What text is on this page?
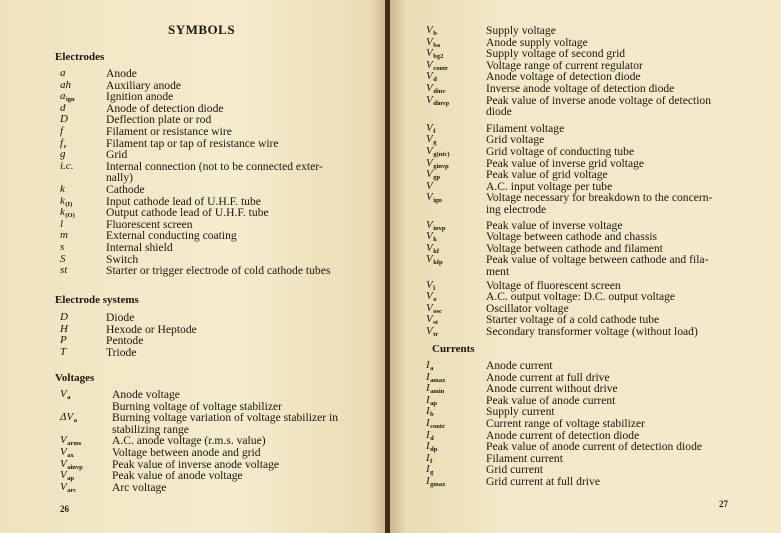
SYMBOLS
Electrodes
a	Anode
ah	Auxiliary anode
$a_{ign}$	Ignition anode
d	Anode of detection diode
D	Deflection plate or rod
f	Filament or resistance wire
$f_c$	Filament tap or tap of resistance wire
g	Grid
i.c.	Internal connection (not to be connected exter-
nally)
k	Cathode
$k_{(I)}$	Input cathode lead of U.H.F. tube
$k_{(O)}$	Output cathode lead of U.H.F. tube
l	Fluorescent screen
m	External conducting coating
s	Internal shield
S	Switch
st	Starter or trigger electrode of cold cathode tubes
Electrode systems
D	Diode
H	Hexode or Heptode
P	Pentode
T	Triode
Voltages
$V_a$	Anode voltage
Burning voltage of voltage stabilizer
$\Delta V_a$	Burning voltage variation of voltage stabilizer in
stabilizing range
$V_{arms}$	A.C. anode voltage (r.m.s. value)
$V_{ax}$	Voltage between anode and grid
$V_{ainvp}$	Peak value of inverse anode voltage
$V_{ap}$	Peak value of anode voltage
$V_{arc}$	Arc voltage
26
$V_b$	Supply voltage
$V_{ba}$	Anode supply voltage
$V_{bg2}$	Supply voltage of second grid
$V_{contr}$	Voltage range of current regulator
$V_d$	Anode voltage of detection diode
$V_{dinv}$	Inverse anode voltage of detection diode
$V_{dinvp}$	Peak value of inverse anode voltage of detection
diode
$V_f$	Filament voltage
$V_g$	Grid voltage
$V_{g(ntc)}$	Grid voltage of conducting tube
$V_{ginvp}$	Peak value of inverse grid voltage
$V_{gp}$	Peak value of grid voltage
V	A.C. input voltage per tube
$V_{ign}$	Voltage necessary for breakdown to the concern-
ing electrode
$V_{invp}$	Peak value of inverse voltage
$V_k$	Voltage between cathode and chassis
$V_{kf}$	Voltage between cathode and filament
$V_{kfp}$	Peak value of voltage between cathode and fila-
ment
$V_l$	Voltage of fluorescent screen
$V_o$	A.C. output voltage: D.C. output voltage
$V_{osc}$	Oscillator voltage
$V_{st}$	Starter voltage of a cold cathode tube
$V_{tr}$	Secondary transformer voltage (without load)
Currents
$I_a$	Anode current
$I_{amax}$	Anode current at full drive
$I_{amin}$	Anode current without drive
$I_{ap}$	Peak value of anode current
$I_b$	Supply current
$I_{contr}$	Current range of voltage stabilizer
$I_d$	Anode current of detection diode
$I_{dp}$	Peak value of anode current of detection diode
$I_f$	Filament current
$I_g$	Grid current
$I_{gmax}$	Grid current at full drive
27
